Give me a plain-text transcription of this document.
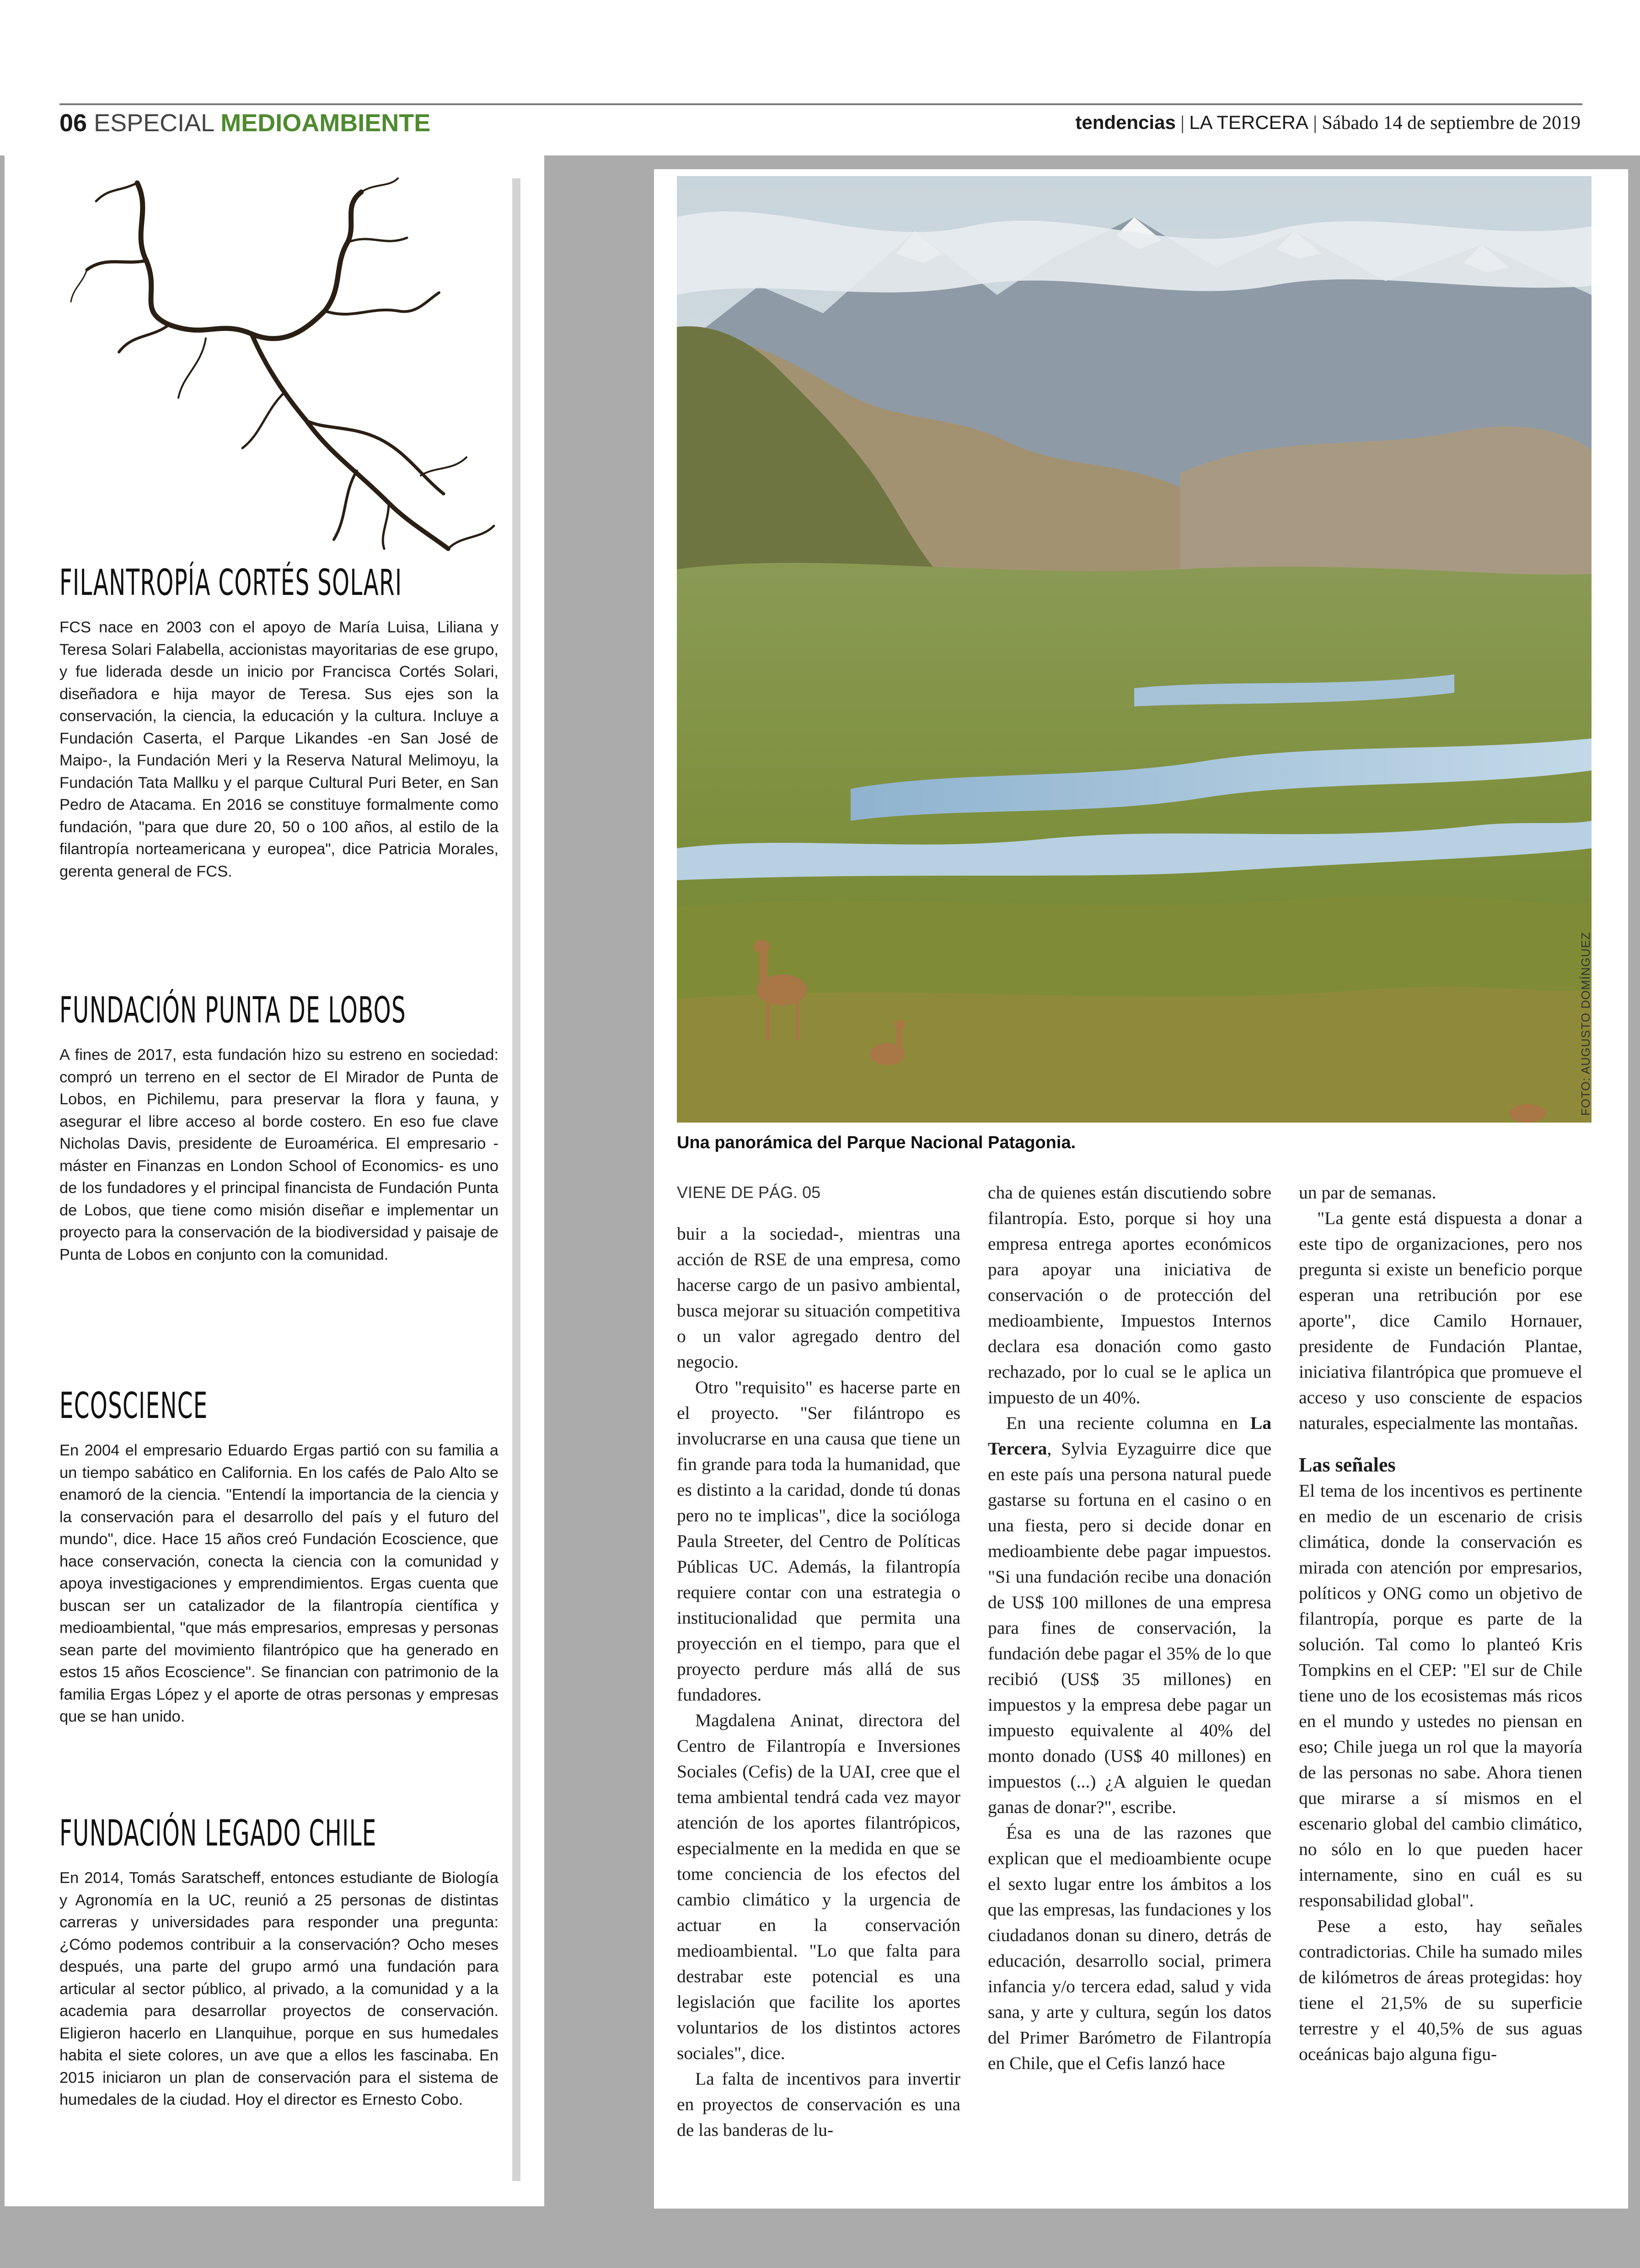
06 ESPECIAL MEDIOAMBIENTE	tendencias | LA TERCERA | Sábado 14 de septiembre de 2019
FILANTROPÍA CORTÉS SOLARI

FCS nace en 2003 con el apoyo de María Luisa, Liliana y Teresa Solari Falabella, accionistas mayoritarias de ese grupo, y fue liderada desde un inicio por Francisca Cortés Solari, diseñadora e hija mayor de Teresa. Sus ejes son la conservación, la ciencia, la educación y la cultura. Incluye a Fundación Caserta, el Parque Likandes -en San José de Maipo-, la Fundación Meri y la Reserva Natural Melimoyu, la Fundación Tata Mallku y el parque Cultural Puri Beter, en San Pedro de Atacama. En 2016 se constituye formalmente como fundación, "para que dure 20, 50 o 100 años, al estilo de la filantropía norteamericana y europea", dice Patricia Morales, gerenta general de FCS.

FUNDACIÓN PUNTA DE LOBOS

A fines de 2017, esta fundación hizo su estreno en sociedad: compró un terreno en el sector de El Mirador de Punta de Lobos, en Pichilemu, para preservar la flora y fauna, y asegurar el libre acceso al borde costero. En eso fue clave Nicholas Davis, presidente de Euroamérica. El empresario -máster en Finanzas en London School of Economics- es uno de los fundadores y el principal financista de Fundación Punta de Lobos, que tiene como misión diseñar e implementar un proyecto para la conservación de la biodiversidad y paisaje de Punta de Lobos en conjunto con la comunidad.

ECOSCIENCE

En 2004 el empresario Eduardo Ergas partió con su familia a un tiempo sabático en California. En los cafés de Palo Alto se enamoró de la ciencia. "Entendí la importancia de la ciencia y la conservación para el desarrollo del país y el futuro del mundo", dice. Hace 15 años creó Fundación Ecoscience, que hace conservación, conecta la ciencia con la comunidad y apoya investigaciones y emprendimientos. Ergas cuenta que buscan ser un catalizador de la filantropía científica y medioambiental, "que más empresarios, empresas y personas sean parte del movimiento filantrópico que ha generado en estos 15 años Ecoscience". Se financian con patrimonio de la familia Ergas López y el aporte de otras personas y empresas que se han unido.

FUNDACIÓN LEGADO CHILE

En 2014, Tomás Saratscheff, entonces estudiante de Biología y Agronomía en la UC, reunió a 25 personas de distintas carreras y universidades para responder una pregunta: ¿Cómo podemos contribuir a la conservación? Ocho meses después, una parte del grupo armó una fundación para articular al sector público, al privado, a la comunidad y a la academia para desarrollar proyectos de conservación. Eligieron hacerlo en Llanquihue, porque en sus humedales habita el siete colores, un ave que a ellos les fascinaba. En 2015 iniciaron un plan de conservación para el sistema de humedales de la ciudad. Hoy el director es Ernesto Cobo.

FOTO: AUGUSTO DOMÍNGUEZ
Una panorámica del Parque Nacional Patagonia.

VIENE DE PÁG. 05

buir a la sociedad-, mientras una acción de RSE de una empresa, como hacerse cargo de un pasivo ambiental, busca mejorar su situación competitiva o un valor agregado dentro del negocio.

Otro "requisito" es hacerse parte en el proyecto. "Ser filántropo es involucrarse en una causa que tiene un fin grande para toda la humanidad, que es distinto a la caridad, donde tú donas pero no te implicas", dice la socióloga Paula Streeter, del Centro de Políticas Públicas UC. Además, la filantropía requiere contar con una estrategia o institucionalidad que permita una proyección en el tiempo, para que el proyecto perdure más allá de sus fundadores.

Magdalena Aninat, directora del Centro de Filantropía e Inversiones Sociales (Cefis) de la UAI, cree que el tema ambiental tendrá cada vez mayor atención de los aportes filantrópicos, especialmente en la medida en que se tome conciencia de los efectos del cambio climático y la urgencia de actuar en la conservación medioambiental. "Lo que falta para destrabar este potencial es una legislación que facilite los aportes voluntarios de los distintos actores sociales", dice.

La falta de incentivos para invertir en proyectos de conservación es una de las banderas de lu-

cha de quienes están discutiendo sobre filantropía. Esto, porque si hoy una empresa entrega aportes económicos para apoyar una iniciativa de conservación o de protección del medioambiente, Impuestos Internos declara esa donación como gasto rechazado, por lo cual se le aplica un impuesto de un 40%.

En una reciente columna en La Tercera, Sylvia Eyzaguirre dice que en este país una persona natural puede gastarse su fortuna en el casino o en una fiesta, pero si decide donar en medioambiente debe pagar impuestos. "Si una fundación recibe una donación de US$ 100 millones de una empresa para fines de conservación, la fundación debe pagar el 35% de lo que recibió (US$ 35 millones) en impuestos y la empresa debe pagar un impuesto equivalente al 40% del monto donado (US$ 40 millones) en impuestos (...) ¿A alguien le quedan ganas de donar?", escribe.

Ésa es una de las razones que explican que el medioambiente ocupe el sexto lugar entre los ámbitos a los que las empresas, las fundaciones y los ciudadanos donan su dinero, detrás de educación, desarrollo social, primera infancia y/o tercera edad, salud y vida sana, y arte y cultura, según los datos del Primer Barómetro de Filantropía en Chile, que el Cefis lanzó hace

un par de semanas.

"La gente está dispuesta a donar a este tipo de organizaciones, pero nos pregunta si existe un beneficio porque esperan una retribución por ese aporte", dice Camilo Hornauer, presidente de Fundación Plantae, iniciativa filantrópica que promueve el acceso y uso consciente de espacios naturales, especialmente las montañas.

Las señales

El tema de los incentivos es pertinente en medio de un escenario de crisis climática, donde la conservación es mirada con atención por empresarios, políticos y ONG como un objetivo de filantropía, porque es parte de la solución. Tal como lo planteó Kris Tompkins en el CEP: "El sur de Chile tiene uno de los ecosistemas más ricos en el mundo y ustedes no piensan en eso; Chile juega un rol que la mayoría de las personas no sabe. Ahora tienen que mirarse a sí mismos en el escenario global del cambio climático, no sólo en lo que pueden hacer internamente, sino en cuál es su responsabilidad global".

Pese a esto, hay señales contradictorias. Chile ha sumado miles de kilómetros de áreas protegidas: hoy tiene el 21,5% de su superficie terrestre y el 40,5% de sus aguas oceánicas bajo alguna figu-
